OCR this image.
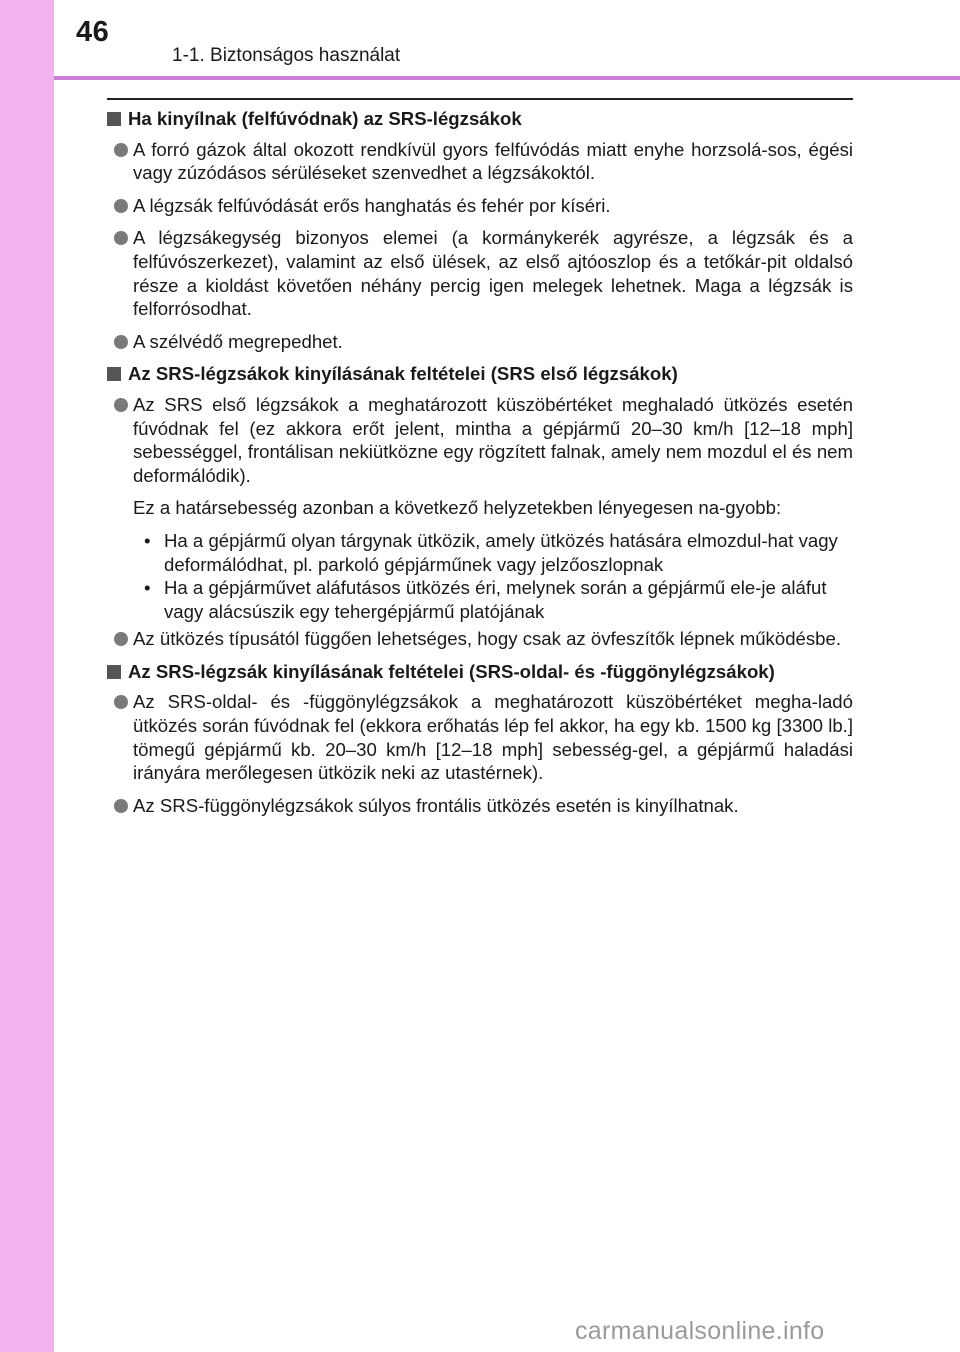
46
1-1. Biztonságos használat
Ha kinyílnak (felfúvódnak) az SRS-légzsákok
A forró gázok által okozott rendkívül gyors felfúvódás miatt enyhe horzsolá-sos, égési vagy zúzódásos sérüléseket szenvedhet a légzsákoktól.
A légzsák felfúvódását erős hanghatás és fehér por kíséri.
A légzsákegység bizonyos elemei (a kormánykerék agyrésze, a légzsák és a felfúvószerkezet), valamint az első ülések, az első ajtóoszlop és a tetőkár-pit oldalsó része a kioldást követően néhány percig igen melegek lehetnek. Maga a légzsák is felforrósodhat.
A szélvédő megrepedhet.
Az SRS-légzsákok kinyílásának feltételei (SRS első légzsákok)
Az SRS első légzsákok a meghatározott küszöbértéket meghaladó ütközés esetén fúvódnak fel (ez akkora erőt jelent, mintha a gépjármű 20–30 km/h [12–18 mph] sebességgel, frontálisan nekiütközne egy rögzített falnak, amely nem mozdul el és nem deformálódik).
Ez a határsebesség azonban a következő helyzetekben lényegesen na-gyobb:
• Ha a gépjármű olyan tárgynak ütközik, amely ütközés hatására elmozdul-hat vagy deformálódhat, pl. parkoló gépjárműnek vagy jelzőoszlopnak
• Ha a gépjárművet aláfutásos ütközés éri, melynek során a gépjármű ele-je aláfut vagy alácsúszik egy tehergépjármű platójának
Az ütközés típusától függően lehetséges, hogy csak az övfeszítők lépnek működésbe.
Az SRS-légzsák kinyílásának feltételei (SRS-oldal- és -függönylégzsákok)
Az SRS-oldal- és -függönylégzsákok a meghatározott küszöbértéket megha-ladó ütközés során fúvódnak fel (ekkora erőhatás lép fel akkor, ha egy kb. 1500 kg [3300 lb.] tömegű gépjármű kb. 20–30 km/h [12–18 mph] sebesség-gel, a gépjármű haladási irányára merőlegesen ütközik neki az utastérnek).
Az SRS-függönylégzsákok súlyos frontális ütközés esetén is kinyílhatnak.
carmanualsonline.info
